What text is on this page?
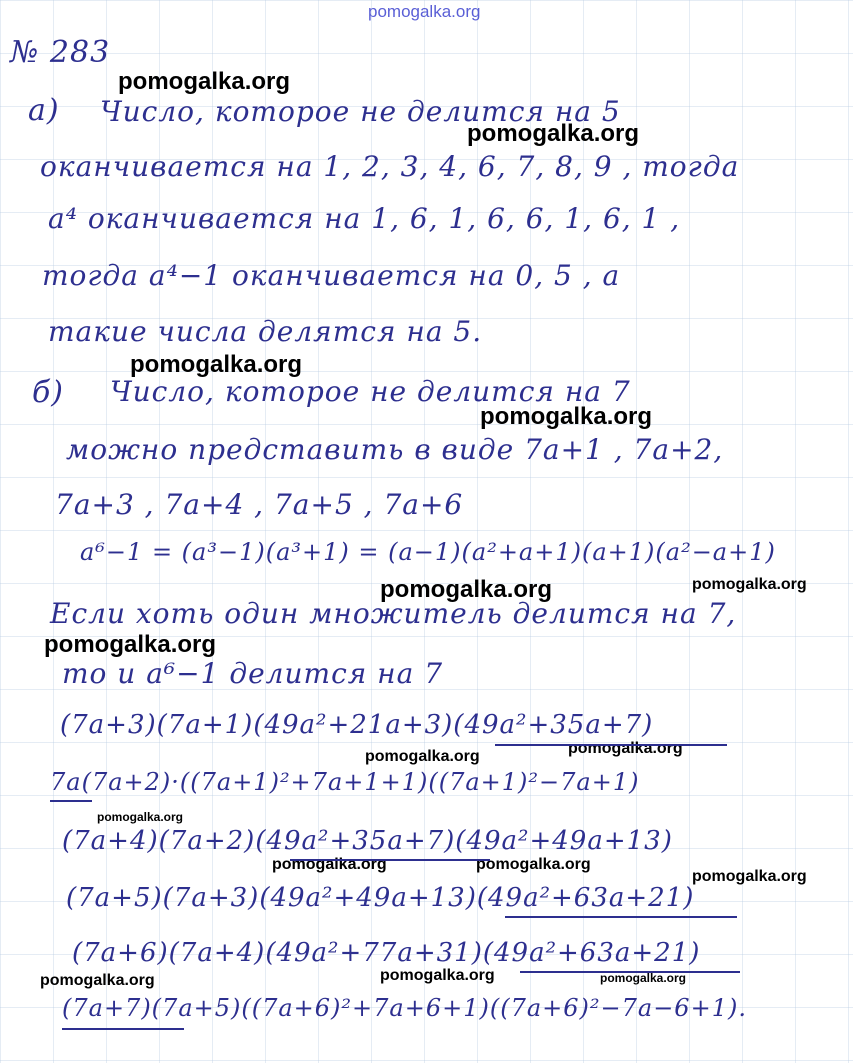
pomogalka.org
pomogalka.org
pomogalka.org
pomogalka.org
pomogalka.org
pomogalka.org	pomogalka.org
pomogalka.org
pomogalka.org	pomogalka.org
pomogalka.org
pomogalka.org	pomogalka.org
pomogalka.org
pomogalka.org	pomogalka.org	pomogalka.org
№ 283
а) Число, которое не делится на 5
оканчивается на 1, 2, 3, 4, 6, 7, 8, 9 , тогда
a⁴ оканчивается на 1, 6, 1, 6, 6, 1, 6, 1 ,
тогда a⁴−1 оканчивается на 0, 5 , а
такие числа делятся на 5.
б) Число, которое не делится на 7
можно представить в виде 7a+1 , 7a+2,
7a+3 , 7a+4 , 7a+5 , 7a+6
a⁶−1 = (a³−1)(a³+1) = (a−1)(a²+a+1)(a+1)(a²−a+1)
Если хоть один множитель делится на 7,
то и a⁶−1 делится на 7
(7a+3)(7a+1)(49a²+21a+3)(49a²+35a+7)
7a(7a+2)·((7a+1)²+7a+1+1)((7a+1)²−7a+1)
(7a+4)(7a+2)(49a²+35a+7)(49a²+49a+13)
(7a+5)(7a+3)(49a²+49a+13)(49a²+63a+21)
(7a+6)(7a+4)(49a²+77a+31)(49a²+63a+21)
(7a+7)(7a+5)((7a+6)²+7a+6+1)((7a+6)²−7a−6+1).
